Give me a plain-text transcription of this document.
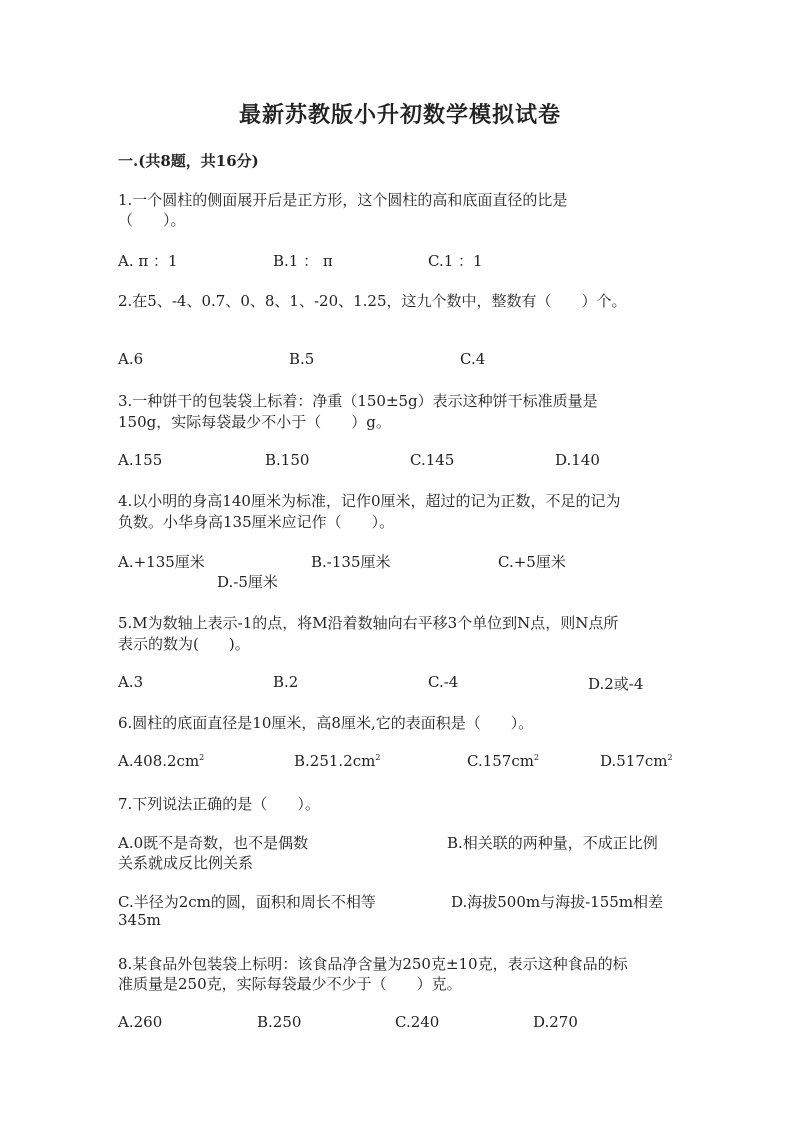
最新苏教版小升初数学模拟试卷
一.(共8题，共16分)
1.一个圆柱的侧面展开后是正方形，这个圆柱的高和底面直径的比是
（　　）。
A. π ：1	B.1 ： π	C.1 ：1
2.在5、-4、0.7、0、8、1、-20、1.25，这九个数中，整数有（　　）个。
A.6	B.5	C.4
3.一种饼干的包装袋上标着：净重（150±5g）表示这种饼干标准质量是
150g，实际每袋最少不小于（　　）g。
A.155	B.150	C.145	D.140
4.以小明的身高140厘米为标准，记作0厘米，超过的记为正数，不足的记为
负数。小华身高135厘米应记作（　　）。
A.+135厘米	B.-135厘米	C.+5厘米
D.-5厘米
5.M为数轴上表示-1的点，将M沿着数轴向右平移3个单位到N点，则N点所
表示的数为(　　)。
A.3	B.2	C.-4	D.2或-4
6.圆柱的底面直径是10厘米，高8厘米,它的表面积是（　　）。
$A.408.2cm^2$	$B.251.2cm^2$	$C.157cm^2$	$D.517cm^2$
7.下列说法正确的是（　　）。
A.0既不是奇数，也不是偶数	B.相关联的两种量，不成正比例
关系就成反比例关系
C.半径为2cm的圆，面积和周长不相等	D.海拔500m与海拔-155m相差
345m
8.某食品外包装袋上标明：该食品净含量为250克±10克，表示这种食品的标
准质量是250克，实际每袋最少不少于（　　）克。
A.260	B.250	C.240	D.270
